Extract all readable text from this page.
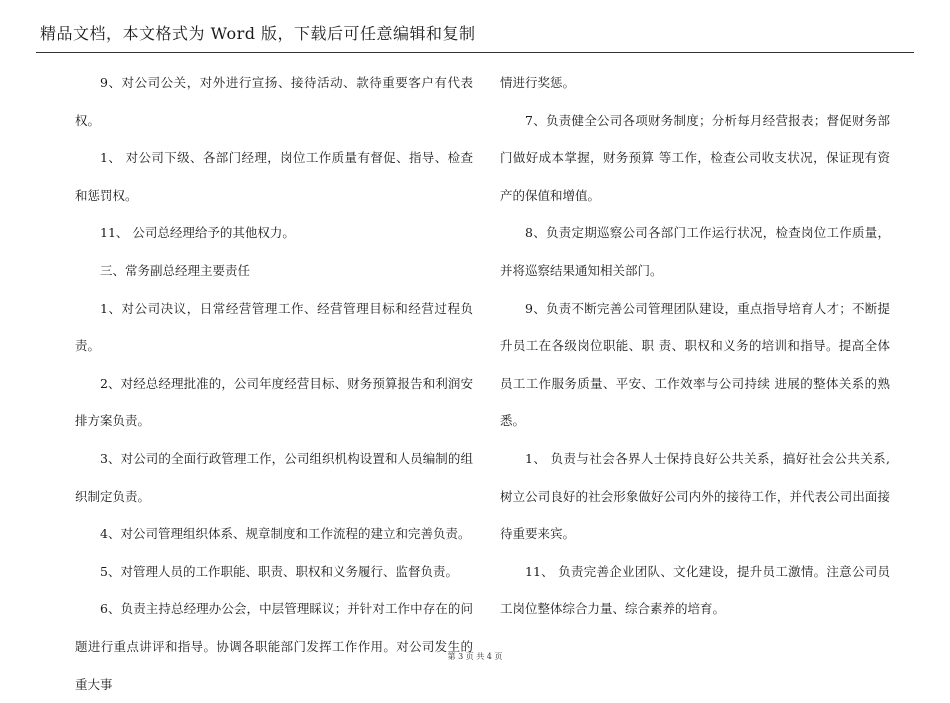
精品文档，本文格式为 Word 版，下载后可任意编辑和复制

9、对公司公关，对外进行宣扬、接待活动、款待重要客户有代表权。

1、 对公司下级、各部门经理，岗位工作质量有督促、指导、检查和惩罚权。

11、 公司总经理给予的其他权力。

三、常务副总经理主要责任

1、对公司决议，日常经营管理工作、经营管理目标和经营过程负责。

2、对经总经理批准的，公司年度经营目标、财务预算报告和利润安排方案负责。

3、对公司的全面行政管理工作，公司组织机构设置和人员编制的组织制定负责。

4、对公司管理组织体系、规章制度和工作流程的建立和完善负责。

5、对管理人员的工作职能、职责、职权和义务履行、监督负责。

6、负责主持总经理办公会，中层管理睬议；并针对工作中存在的问题进行重点讲评和指导。协调各职能部门发挥工作作用。对公司发生的重大事

情进行奖惩。

7、负责健全公司各项财务制度；分析每月经营报表；督促财务部门做好成本掌握，财务预算 等工作，检查公司收支状况，保证现有资产的保值和增值。

8、负责定期巡察公司各部门工作运行状况，检查岗位工作质量，并将巡察结果通知相关部门。

9、负责不断完善公司管理团队建设，重点指导培育人才；不断提升员工在各级岗位职能、职 责、职权和义务的培训和指导。提高全体员工工作服务质量、平安、工作效率与公司持续 进展的整体关系的熟悉。

1、 负责与社会各界人士保持良好公共关系，搞好社会公共关系,树立公司良好的社会形象做好公司内外的接待工作，并代表公司出面接待重要来宾。

11、 负责完善企业团队、文化建设，提升员工激情。注意公司员工岗位整体综合力量、综合素养的培育。

第 3 页 共 4 页
